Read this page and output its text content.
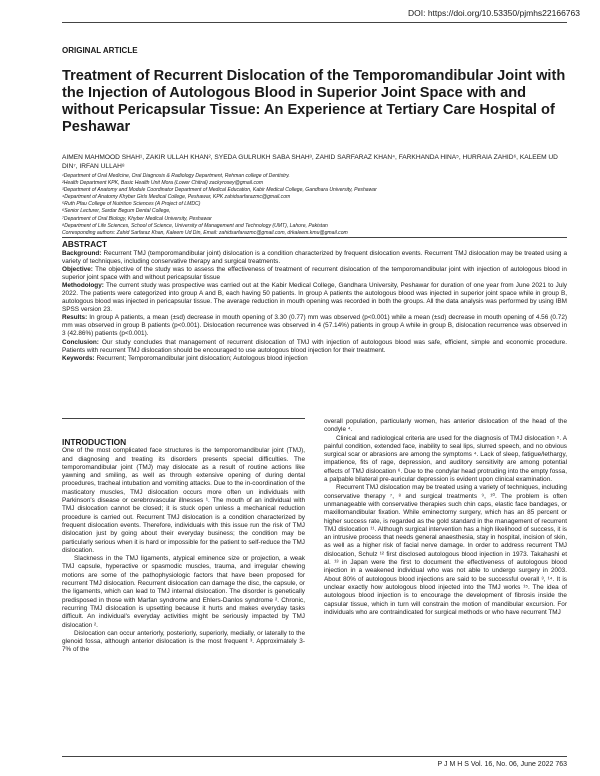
DOI: https://doi.org/10.53350/pjmhs22166763
ORIGINAL ARTICLE
Treatment of Recurrent Dislocation of the Temporomandibular Joint with the Injection of Autologous Blood in Superior Joint Space with and without Pericapsular Tissue: An Experience at Tertiary Care Hospital of Peshawar
AIMEN MAHMOOD SHAH¹, ZAKIR ULLAH KHAN², SYEDA GULRUKH SABA SHAH³, ZAHID SARFARAZ KHAN⁴, FARKHANDA HINA⁵, HURRAIA ZAHID⁶, KALEEM UD DIN⁷, IRFAN ULLAH⁸
¹Department of Oral Medicine, Oral Diagnosis & Radiology Department, Rehman college of Dentistry.
²Health Department KPK, Basic Health Unit Mora (Lower Chitral) zackyrosey@gmail.com
³Department of Anatomy and Module Coordinator Department of Medical Education, Kabir Medical College, Gandhara University, Peshawar
⁴Department of Anatomy Khyber Girls Medical College, Peshawar, KPK zahidsarfarazmc@gmail.com
⁵Ruth Pfau College of Nutrition Sciences (A Project of LMDC)
⁶Senior Lecturer, Sardar Begum Dental College,
⁷Department of Oral Biology, Khyber Medical University, Peshawar
⁸Department of Life Sciences, School of Science, University of Management and Technology (UMT), Lahore, Pakistan
Corresponding authors: Zahid Sarfaraz Khan, Kaleem Ud Din, Email: zahidsarfarazmc@gmail.com, drkaleem.kmu@gmail.com
ABSTRACT

Background: Recurrent TMJ (temporomandibular joint) dislocation is a condition characterized by frequent dislocation events. Recurrent TMJ dislocation may be treated using a variety of techniques, including conservative therapy and surgical treatments.

Objective: The objective of the study was to assess the effectiveness of treatment of recurrent dislocation of the temporomandibular joint with injection of autologous blood in superior joint space with and without pericapsular tissue

Methodology: The current study was prospective was carried out at the Kabir Medical College, Gandhara University, Peshawar for duration of one year from June 2021 to July 2022. The patients were categorized into group A and B, each having 50 patients. In group A patients the autologous blood was injected in superior joint space while in group B, autologous blood was injected in pericapsular tissue. The average reduction in mouth opening was recorded in both the groups. All the data analysis was performed by using IBM SPSS version 23.

Results: In group A patients, a mean (±sd) decrease in mouth opening of 3.30 (0.77) mm was observed (p<0.001) while a mean (±sd) decrease in mouth opening of 4.56 (0.72) mm was observed in group B patients (p<0.001). Dislocation recurrence was observed in 4 (57.14%) patients in group A while in group B, dislocation recurrence was observed in 3 (42.86%) patients (p<0.001).

Conclusion: Our study concludes that management of recurrent dislocation of TMJ with injection of autologous blood was safe, efficient, simple and economic procedure. Patients with recurrent TMJ dislocation should be encouraged to use autologous blood injection for their treatment.

Keywords: Recurrent; Temporomandibular joint dislocation; Autologous blood injection

INTRODUCTION

One of the most complicated face structures is the temporomandibular joint (TMJ), and diagnosing and treating its disorders presents special difficulties. The temporomandibular joint (TMJ) may dislocate as a result of routine actions like yawning and smiling, as well as through extensive opening of during dental procedures, tracheal intubation and vomiting attacks. Due to the in-coordination of the masticatory muscles, TMJ dislocation occurs more often un individuals with Parkinson's disease or cerebrovascular illnesses ¹. The mouth of an individual with TMJ dislocation cannot be closed; it is stuck open unless a mechanical reduction procedure is carried out. Recurrent TMJ dislocation is a condition characterized by frequent dislocation events. Therefore, individuals with this issue run the risk of TMJ dislocation just by going about their everyday business; the condition may be particularly serious when it is hard or impossible for the patient to self-reduce the TMJ dislocation.

Slackness in the TMJ ligaments, atypical eminence size or projection, a weak TMJ capsule, hyperactive or spasmodic muscles, trauma, and irregular chewing motions are some of the pathophysiologic factors that have been proposed for recurrent TMJ dislocation. Recurrent dislocation can damage the disc, the capsule, or the ligaments, which can lead to TMJ internal dislocation. The disorder is genetically predisposed in those with Marfan syndrome and Ehlers-Danlos syndrome ². Chronic, recurring TMJ dislocation is upsetting because it hurts and makes everyday tasks difficult. An individual's everyday activities might be seriously impacted by TMJ dislocation ².

Dislocation can occur anteriorly, posteriorly, superiorly, medially, or laterally to the glenoid fossa, although anterior dislocation is the most frequent ³. Approximately 3-7% of the

overall population, particularly women, has anterior dislocation of the head of the condyle ⁴.

Clinical and radiological criteria are used for the diagnosis of TMJ dislocation ⁵. A painful condition, extended face, inability to seal lips, slurred speech, and no obvious surgical scar or abrasions are among the symptoms ⁴. Lack of sleep, fatigue/lethargy, impatience, fits of rage, depression, and auditory sensitivity are among potential effects of TMJ dislocation ⁶. Due to the condylar head protruding into the empty fossa, a palpable bilateral pre-auricular depression is evident upon clinical examination.

Recurrent TMJ dislocation may be treated using a variety of techniques, including conservative therapy ⁷, ⁸ and surgical treatments ⁹, ¹⁰. The problem is often unmanageable with conservative therapies such chin caps, elastic face bandages, or maxillomandibular fixation. While eminectomy surgery, which has an 85 percent or higher success rate, is regarded as the gold standard in the management of recurrent TMJ dislocation ¹¹. Although surgical intervention has a high likelihood of success, it is an intrusive process that needs general anaesthesia, stay in hospital, incision of skin, as well as a higher risk of facial nerve damage. In order to address recurrent TMJ dislocation, Schulz ¹² first disclosed autologous blood injection in 1973. Takahashi et al. ¹³ in Japan were the first to document the effectiveness of autologous blood injection in a weakened individual who was not able to undergo surgery in 2003. About 80% of autologous blood injections are said to be successful overall ³, ¹⁴. It is unclear exactly how autologous blood injected into the TMJ works ¹⁵. The idea of autologous blood injection is to encourage the development of fibrosis inside the capsular tissue, which in turn will constrain the motion of mandibular excursion. For individuals who are contraindicated for surgical methods or who have recurrent TMJ

P J M H S Vol. 16, No. 06, June 2022 763
